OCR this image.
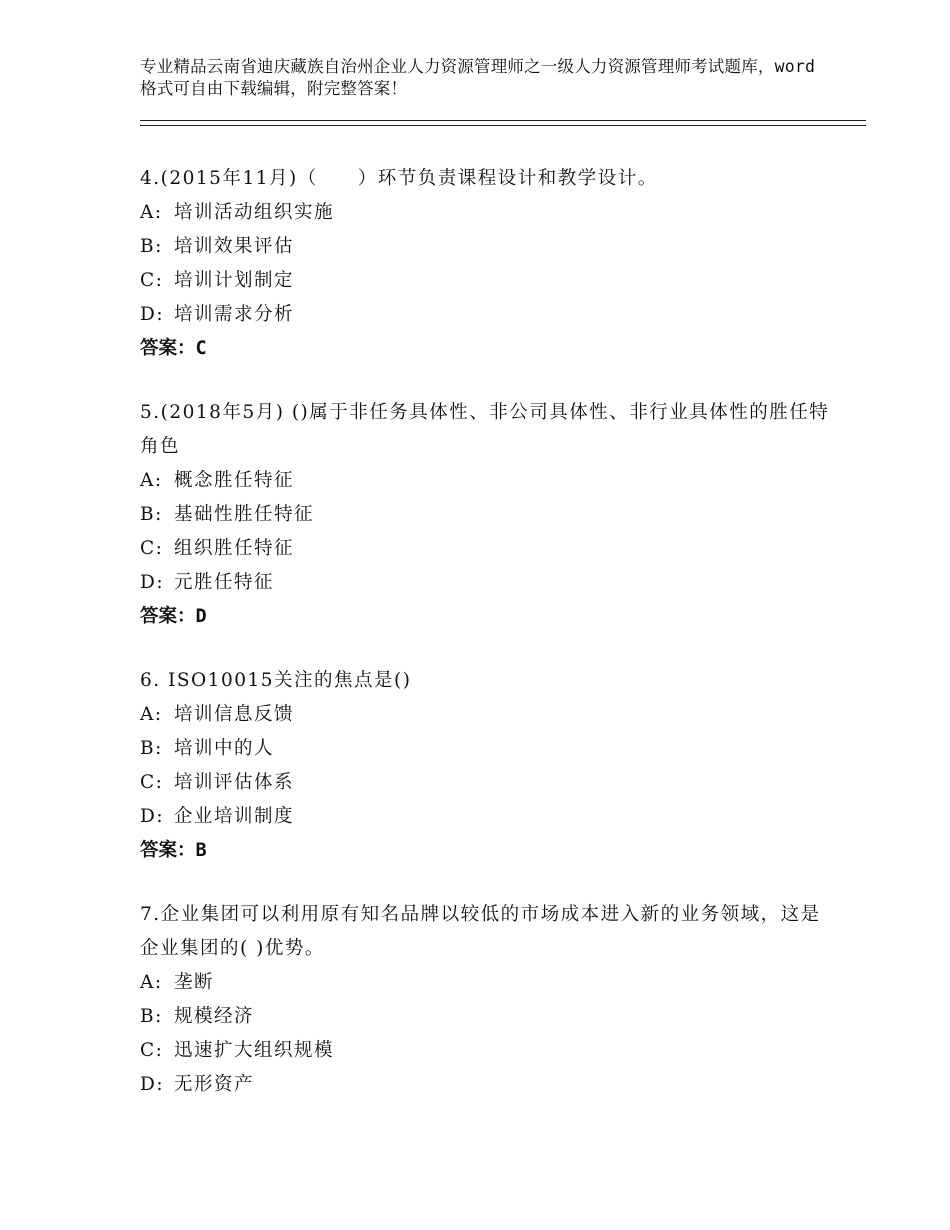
专业精品云南省迪庆藏族自治州企业人力资源管理师之一级人力资源管理师考试题库，word格式可自由下载编辑，附完整答案！

4.(2015年11月)（　　）环节负责课程设计和教学设计。

A: 培训活动组织实施

B: 培训效果评估

C: 培训计划制定

D: 培训需求分析

答案：C

5.(2018年5月) ()属于非任务具体性、非公司具体性、非行业具体性的胜任特角色

A: 概念胜任特征

B: 基础性胜任特征

C: 组织胜任特征

D: 元胜任特征

答案：D

6. ISO10015关注的焦点是()

A: 培训信息反馈

B: 培训中的人

C: 培训评估体系

D: 企业培训制度

答案：B

7.企业集团可以利用原有知名品牌以较低的市场成本进入新的业务领域，这是企业集团的( )优势。

A: 垄断

B: 规模经济

C: 迅速扩大组织规模

D: 无形资产
